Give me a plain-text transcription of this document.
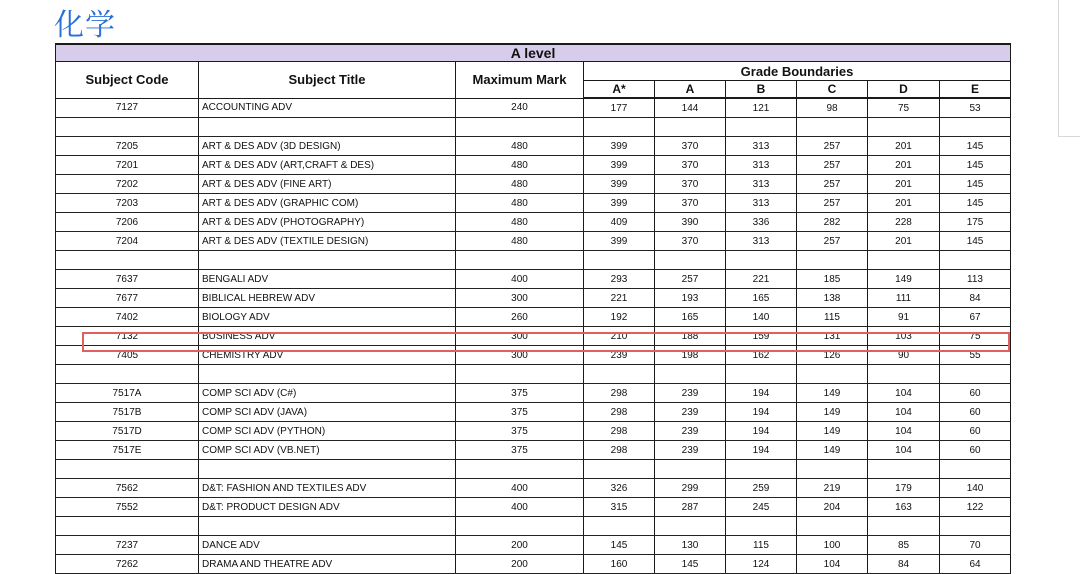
化学
A level								
Subject Code	Subject Title	Maximum Mark	Grade Boundaries					
			A*	A	B	C	D	E
7127	ACCOUNTING ADV	240	177	144	121	98	75	53

7205	ART & DES ADV (3D DESIGN)	480	399	370	313	257	201	145
7201	ART & DES ADV (ART,CRAFT & DES)	480	399	370	313	257	201	145
7202	ART & DES ADV (FINE ART)	480	399	370	313	257	201	145
7203	ART & DES ADV (GRAPHIC COM)	480	399	370	313	257	201	145
7206	ART & DES ADV (PHOTOGRAPHY)	480	409	390	336	282	228	175
7204	ART & DES ADV (TEXTILE DESIGN)	480	399	370	313	257	201	145

7637	BENGALI ADV	400	293	257	221	185	149	113
7677	BIBLICAL HEBREW ADV	300	221	193	165	138	111	84
7402	BIOLOGY ADV	260	192	165	140	115	91	67
7132	BUSINESS ADV	300	210	188	159	131	103	75
7405	CHEMISTRY ADV	300	239	198	162	126	90	55

7517A	COMP SCI ADV (C#)	375	298	239	194	149	104	60
7517B	COMP SCI ADV (JAVA)	375	298	239	194	149	104	60
7517D	COMP SCI ADV (PYTHON)	375	298	239	194	149	104	60
7517E	COMP SCI ADV (VB.NET)	375	298	239	194	149	104	60

7562	D&T: FASHION AND TEXTILES ADV	400	326	299	259	219	179	140
7552	D&T: PRODUCT DESIGN ADV	400	315	287	245	204	163	122

7237	DANCE ADV	200	145	130	115	100	85	70
7262	DRAMA AND THEATRE ADV	200	160	145	124	104	84	64
